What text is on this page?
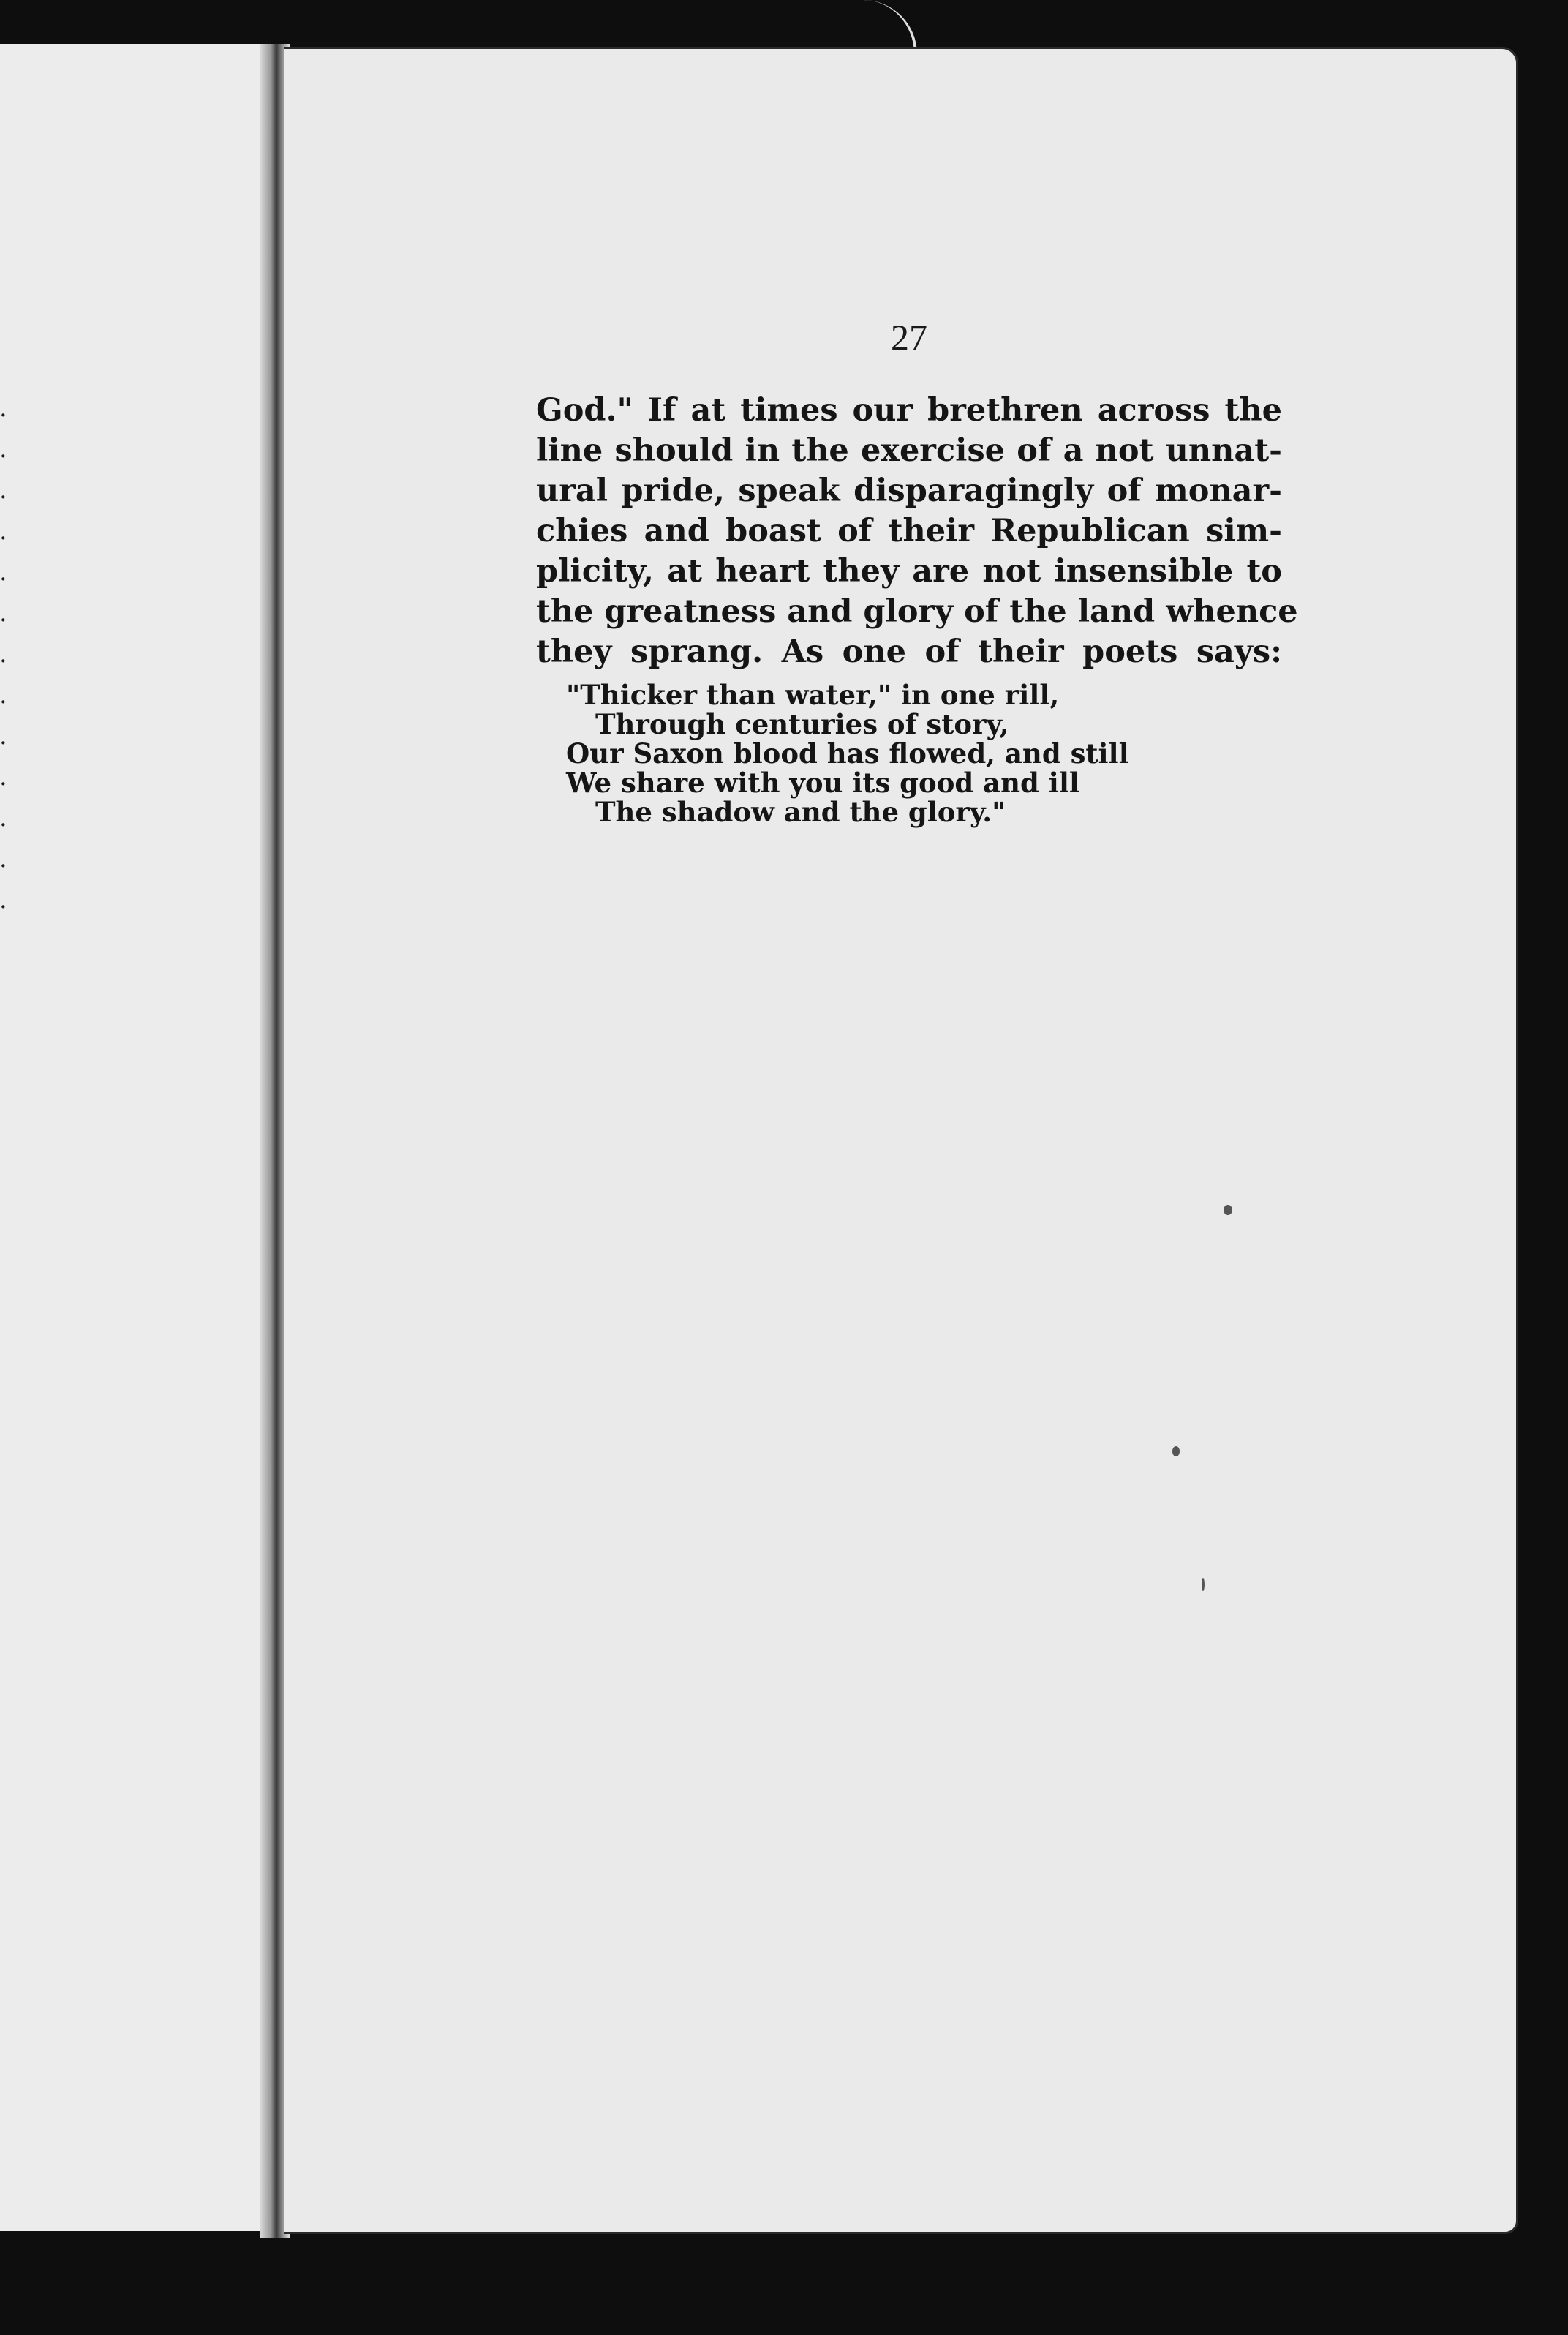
·
·
·
·
·
·
·
·
·
·
·
·
·
27
God." If at times our brethren across the
line should in the exercise of a not unnat-
ural pride, speak disparagingly of monar-
chies and boast of their Republican sim-
plicity, at heart they are not insensible to
the greatness and glory of the land whence
they sprang. As one of their poets says:
"Thicker than water," in one rill,
Through centuries of story,
Our Saxon blood has flowed, and still
We share with you its good and ill
The shadow and the glory."
